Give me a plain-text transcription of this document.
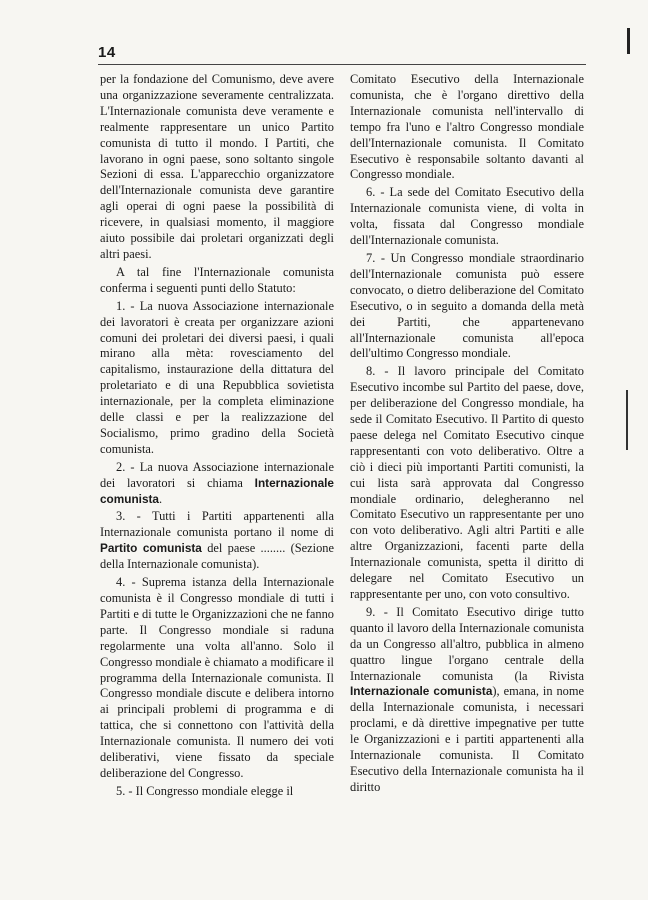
14

per la fondazione del Comunismo, deve avere una organizzazione severamente centralizzata. L'Internazionale comunista deve veramente e realmente rappresentare un unico Partito comunista di tutto il mondo. I Partiti, che lavorano in ogni paese, sono soltanto singole Sezioni di essa. L'apparecchio organizzatore dell'Internazionale comunista deve garantire agli operai di ogni paese la possibilità di ricevere, in qualsiasi momento, il maggiore aiuto possibile dai proletari organizzati degli altri paesi.

A tal fine l'Internazionale comunista conferma i seguenti punti dello Statuto:

1. - La nuova Associazione internazionale dei lavoratori è creata per organizzare azioni comuni dei proletari dei diversi paesi, i quali mirano alla mèta: rovesciamento del capitalismo, instaurazione della dittatura del proletariato e di una Repubblica sovietista internazionale, per la completa eliminazione delle classi e per la realizzazione del Socialismo, primo gradino della Società comunista.

2. - La nuova Associazione internazionale dei lavoratori si chiama Internazionale comunista.

3. - Tutti i Partiti appartenenti alla Internazionale comunista portano il nome di Partito comunista del paese ........ (Sezione della Internazionale comunista).

4. - Suprema istanza della Internazionale comunista è il Congresso mondiale di tutti i Partiti e di tutte le Organizzazioni che ne fanno parte. Il Congresso mondiale si raduna regolarmente una volta all'anno. Solo il Congresso mondiale è chiamato a modificare il programma della Internazionale comunista. Il Congresso mondiale discute e delibera intorno ai principali problemi di programma e di tattica, che si connettono con l'attività della Internazionale comunista. Il numero dei voti deliberativi, viene fissato da speciale deliberazione del Congresso.

5. - Il Congresso mondiale elegge il

Comitato Esecutivo della Internazionale comunista, che è l'organo direttivo della Internazionale comunista nell'intervallo di tempo fra l'uno e l'altro Congresso mondiale dell'Internazionale comunista. Il Comitato Esecutivo è responsabile soltanto davanti al Congresso mondiale.

6. - La sede del Comitato Esecutivo della Internazionale comunista viene, di volta in volta, fissata dal Congresso mondiale dell'Internazionale comunista.

7. - Un Congresso mondiale straordinario dell'Internazionale comunista può essere convocato, o dietro deliberazione del Comitato Esecutivo, o in seguito a domanda della metà dei Partiti, che appartenevano all'Internazionale comunista all'epoca dell'ultimo Congresso mondiale.

8. - Il lavoro principale del Comitato Esecutivo incombe sul Partito del paese, dove, per deliberazione del Congresso mondiale, ha sede il Comitato Esecutivo. Il Partito di questo paese delega nel Comitato Esecutivo cinque rappresentanti con voto deliberativo. Oltre a ciò i dieci più importanti Partiti comunisti, la cui lista sarà approvata dal Congresso mondiale ordinario, delegheranno nel Comitato Esecutivo un rappresentante per uno con voto deliberativo. Agli altri Partiti e alle altre Organizzazioni, facenti parte della Internazionale comunista, spetta il diritto di delegare nel Comitato Esecutivo un rappresentante per uno, con voto consultivo.

9. - Il Comitato Esecutivo dirige tutto quanto il lavoro della Internazionale comunista da un Congresso all'altro, pubblica in almeno quattro lingue l'organo centrale della Internazionale comunista (la Rivista Internazionale comunista), emana, in nome della Internazionale comunista, i necessari proclami, e dà direttive impegnative per tutte le Organizzazioni e i partiti appartenenti alla Internazionale comunista. Il Comitato Esecutivo della Internazionale comunista ha il diritto
